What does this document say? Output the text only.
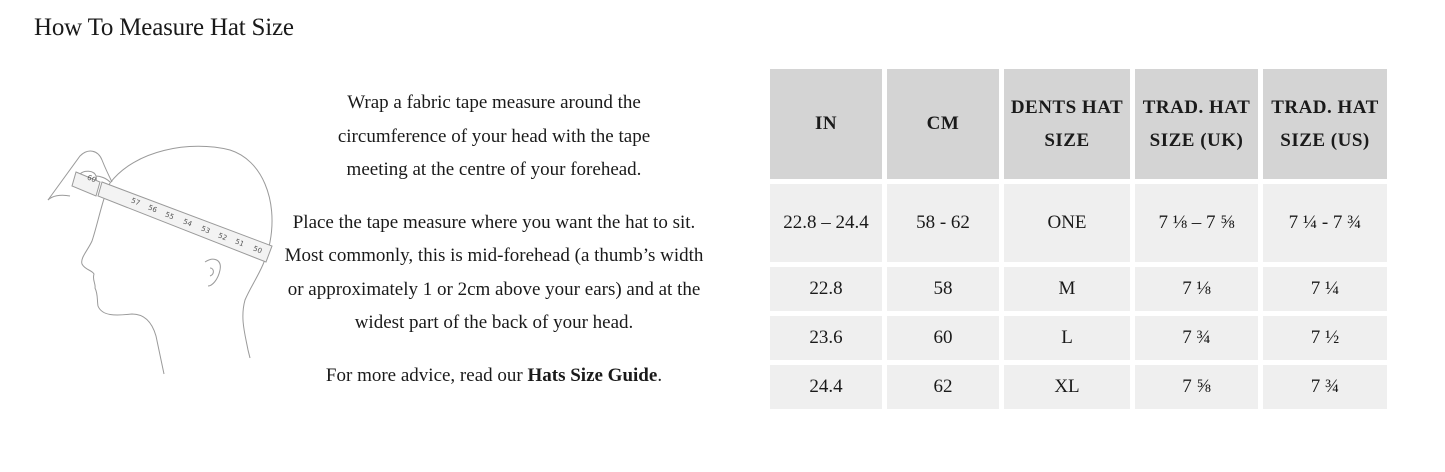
How To Measure Hat Size
60
57
56
55
54
53
52
51
50

Wrap a fabric tape measure around the circumference of your head with the tape meeting at the centre of your forehead.

Place the tape measure where you want the hat to sit. Most commonly, this is mid-forehead (a thumb’s width or approximately 1 or 2cm above your ears) and at the widest part of the back of your head.

For more advice, read our Hats Size Guide.

IN	CM	DENTS HAT SIZE	TRAD. HAT SIZE (UK)	TRAD. HAT SIZE (US)
22.8 – 24.4	58 - 62	ONE	7 ⅛ – 7 ⅝	7 ¼ - 7 ¾
22.8	58	M	7 ⅛	7 ¼
23.6	60	L	7 ¾	7 ½
24.4	62	XL	7 ⅝	7 ¾
